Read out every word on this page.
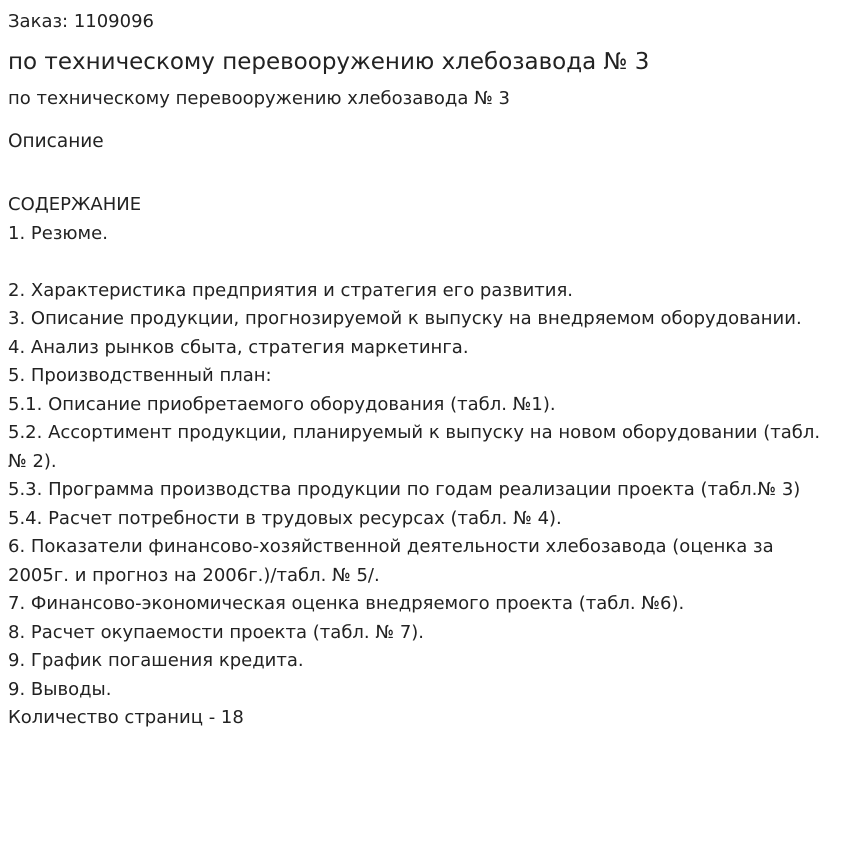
Заказ: 1109096
по техническому перевооружению хлебозавода № 3
по техническому перевооружению хлебозавода № 3
Описание
СОДЕРЖАНИЕ
1. Резюме.
2. Характеристика предприятия и стратегия его развития.
3. Описание продукции, прогнозируемой к выпуску на внедряемом оборудовании.
4. Анализ рынков сбыта, стратегия маркетинга.
5. Производственный план:
5.1. Описание приобретаемого оборудования (табл. №1).
5.2. Ассортимент продукции, планируемый к выпуску на новом оборудовании (табл. № 2).
5.3. Программа производства продукции по годам реализации проекта (табл.№ 3)
5.4. Расчет потребности в трудовых ресурсах (табл. № 4).
6. Показатели финансово-хозяйственной деятельности хлебозавода (оценка за 2005г. и прогноз на 2006г.)/табл. № 5/.
7. Финансово-экономическая оценка внедряемого проекта (табл. №6).
8. Расчет окупаемости проекта (табл. № 7).
9. График погашения кредита.
9. Выводы.
Количество страниц - 18
